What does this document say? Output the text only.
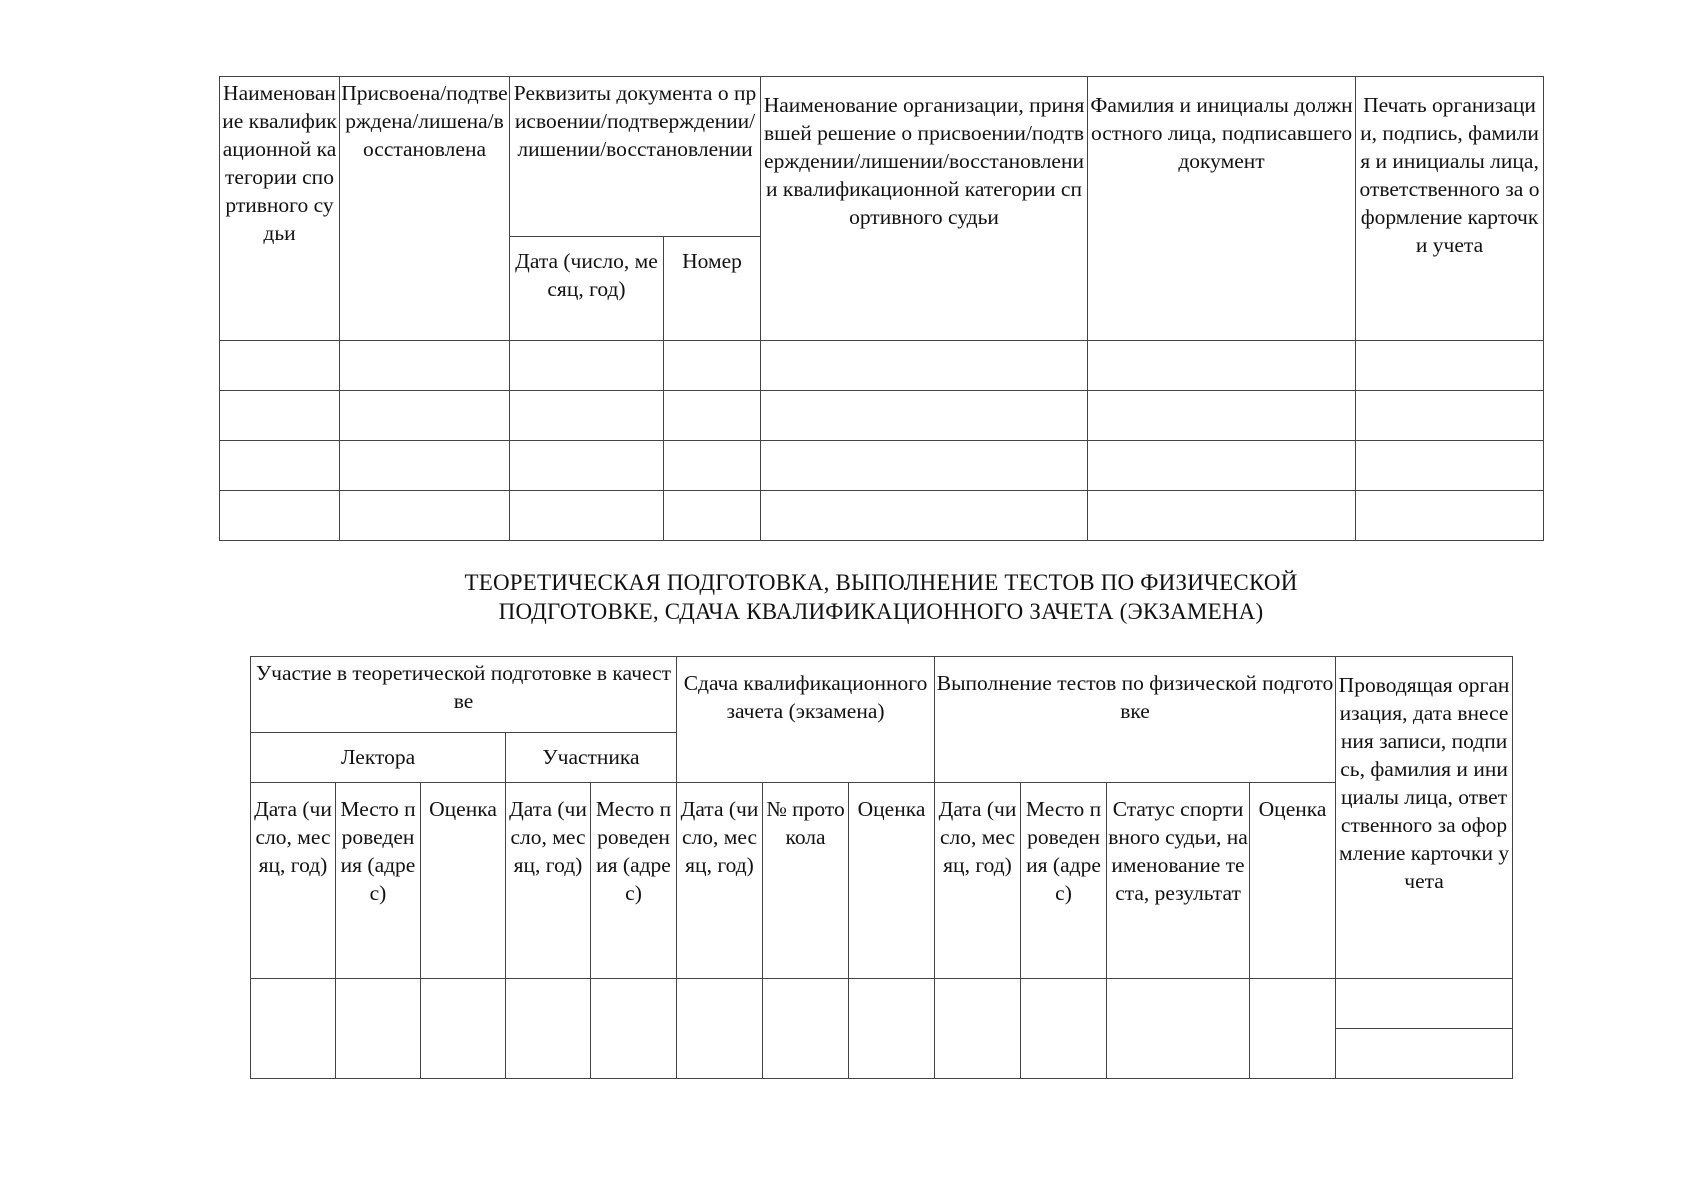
Наименование квалификационной категории спортивного судьи	Присвоена/подтверждена/лишена/восстановлена	Реквизиты документа о присвоении/подтверждении/лишении/восстановлении		Наименование организации, принявшей решение о присвоении/подтверждении/лишении/восстановлении квалификационной категории спортивного судьи	Фамилия и инициалы должностного лица, подписавшего документ	Печать организации, подпись, фамилия и инициалы лица, ответственного за оформление карточки учета
		Дата (число, месяц, год)	Номер			

ТЕОРЕТИЧЕСКАЯ ПОДГОТОВКА, ВЫПОЛНЕНИЕ ТЕСТОВ ПО ФИЗИЧЕСКОЙ
ПОДГОТОВКЕ, СДАЧА КВАЛИФИКАЦИОННОГО ЗАЧЕТА (ЭКЗАМЕНА)
Участие в теоретической подготовке в качестве					Сдача квалификационного зачета (экзамена)			Выполнение тестов по физической подготовке				Проводящая организация, дата внесения записи, подпись, фамилия и инициалы лица, ответственного за оформление карточки учета
Лектора			Участника									
Дата (число, месяц, год)	Место проведения (адрес)	Оценка	Дата (число, месяц, год)	Место проведения (адрес)	Дата (число, месяц, год)	№ протокола	Оценка	Дата (число, месяц, год)	Место проведения (адрес)	Статус спортивного судьи, наименование теста, результат	Оценка	
